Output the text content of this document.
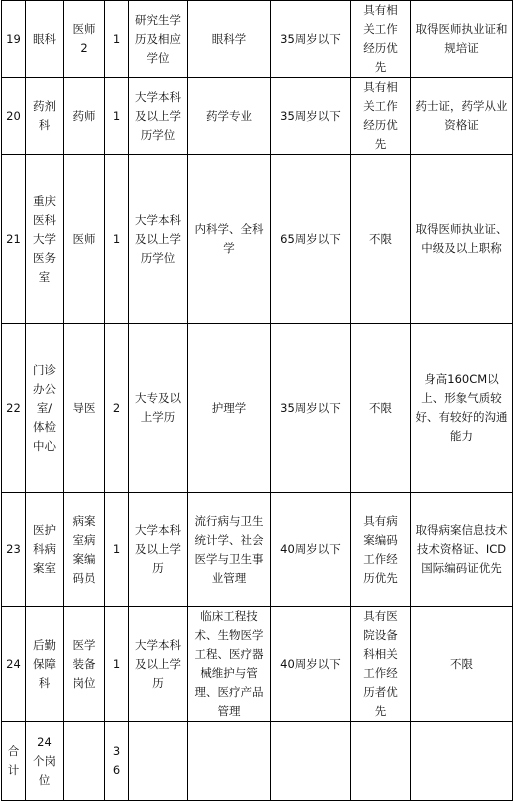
19	眼科	医师2	1	研究生学历及相应学位	眼科学	35周岁以下	具有相关工作经历优先	取得医师执业证和规培证
20	药剂科	药师	1	大学本科及以上学历学位	药学专业	35周岁以下	具有相关工作经历优先	药士证，药学从业资格证
21	重庆医科大学医务室	医师	1	大学本科及以上学历学位	内科学、全科学	65周岁以下	不限	取得医师执业证、中级及以上职称
22	门诊办公室/体检中心	导医	2	大专及以上学历	护理学	35周岁以下	不限	身高160CM以上、形象气质较好、有较好的沟通能力
23	医护科病案室	病案室病案编码员	1	大学本科及以上学历	流行病与卫生统计学、社会医学与卫生事业管理	40周岁以下	具有病案编码工作经历优先	取得病案信息技术技术资格证、ICD国际编码证优先
24	后勤保障科	医学装备岗位	1	大学本科及以上学历	临床工程技术、生物医学工程、医疗器械维护与管理、医疗产品管理	40周岁以下	具有医院设备科相关工作经历者优先	不限
合计	24个岗位		36					
